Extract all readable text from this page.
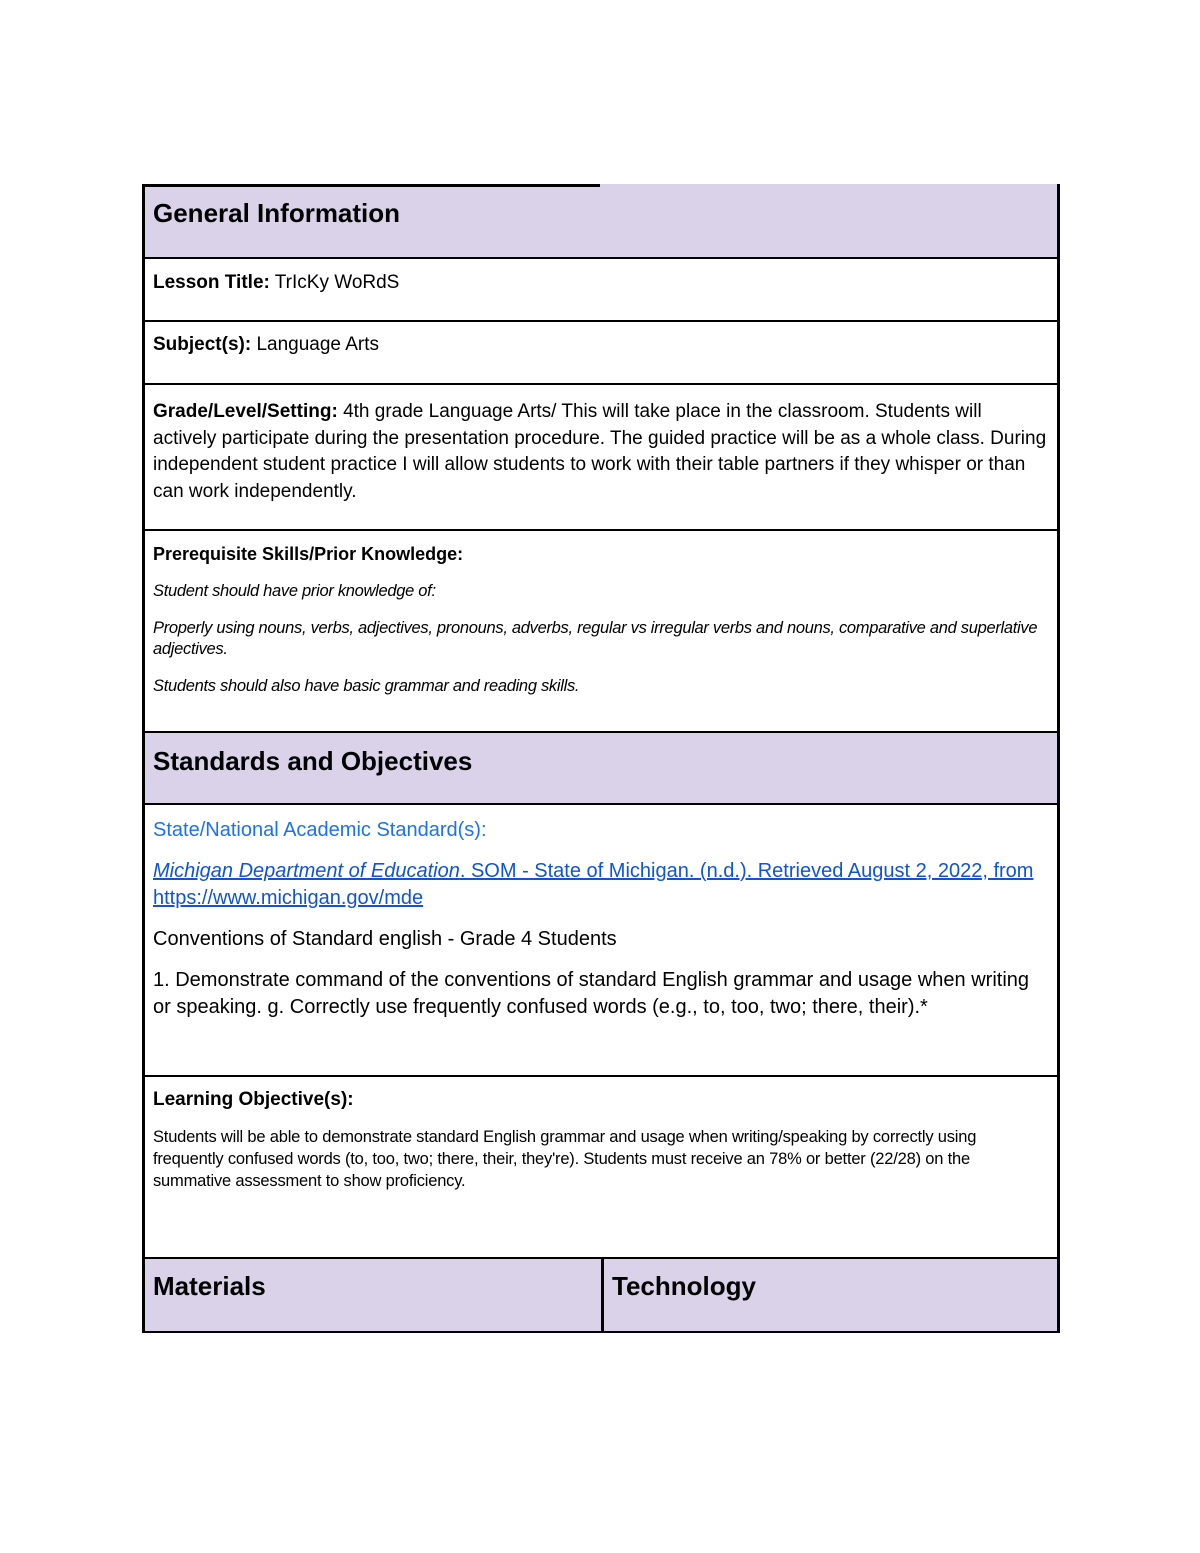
General Information
Lesson Title: TrIcKy WoRdS
Subject(s): Language Arts
Grade/Level/Setting: 4th grade Language Arts/ This will take place in the classroom. Students will actively participate during the presentation procedure. The guided practice will be as a whole class. During independent student practice I will allow students to work with their table partners if they whisper or than can work independently.

Prerequisite Skills/Prior Knowledge:

Student should have prior knowledge of:

Properly using nouns, verbs, adjectives, pronouns, adverbs, regular vs irregular verbs and nouns, comparative and superlative adjectives.

Students should also have basic grammar and reading skills.

Standards and Objectives

State/National Academic Standard(s):

Michigan Department of Education. SOM - State of Michigan. (n.d.). Retrieved August 2, 2022, from https://www.michigan.gov/mde

Conventions of Standard english - Grade 4 Students

1. Demonstrate command of the conventions of standard English grammar and usage when writing or speaking. g. Correctly use frequently confused words (e.g., to, too, two; there, their).*

Learning Objective(s):

Students will be able to demonstrate standard English grammar and usage when writing/speaking by correctly using frequently confused words (to, too, two; there, their, they're). Students must receive an 78% or better (22/28) on the summative assessment to show proficiency.

Materials	Technology
